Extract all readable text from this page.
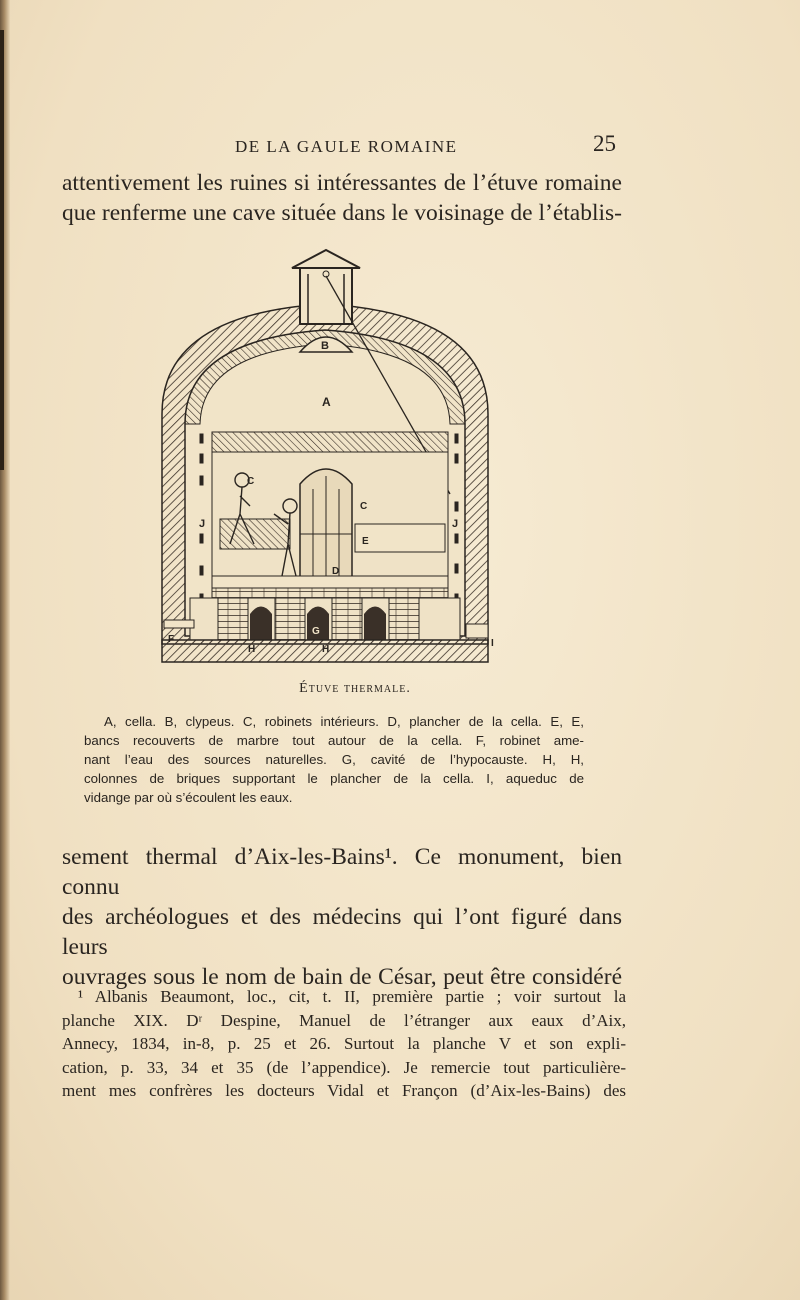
DE LA GAULE ROMAINE	25
attentivement les ruines si intéressantes de l’étuve romaine
que renferme une cave située dans le voisinage de l’établis-
B
A
J	J
C
C
E
D
G
F
H	H
I
Étuve thermale.
A, cella. B, clypeus. C, robinets intérieurs. D, plancher de la cella. E, E,
bancs recouverts de marbre tout autour de la cella. F, robinet ame-
nant l’eau des sources naturelles. G, cavité de l’hypocauste. H, H,
colonnes de briques supportant le plancher de la cella. I, aqueduc de
vidange par où s’écoulent les eaux.
sement thermal d’Aix-les-Bains¹. Ce monument, bien connu
des archéologues et des médecins qui l’ont figuré dans leurs
ouvrages sous le nom de bain de César, peut être considéré
¹ Albanis Beaumont, loc., cit, t. II, première partie ; voir surtout la
planche XIX. Dʳ Despine, Manuel de l’étranger aux eaux d’Aix,
Annecy, 1834, in-8, p. 25 et 26. Surtout la planche V et son expli-
cation, p. 33, 34 et 35 (de l’appendice). Je remercie tout particulière-
ment mes confrères les docteurs Vidal et Françon (d’Aix-les-Bains) des
